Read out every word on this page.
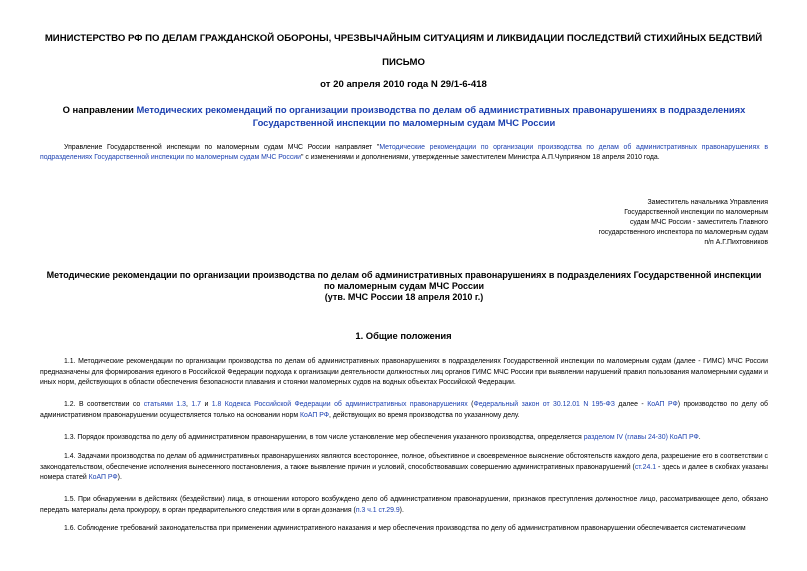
МИНИСТЕРСТВО РФ ПО ДЕЛАМ ГРАЖДАНСКОЙ ОБОРОНЫ, ЧРЕЗВЫЧАЙНЫМ СИТУАЦИЯМ И ЛИКВИДАЦИИ ПОСЛЕДСТВИЙ СТИХИЙНЫХ БЕДСТВИЙ
ПИСЬМО
от 20 апреля 2010 года N 29/1-6-418
О направлении Методических рекомендаций по организации производства по делам об административных правонарушениях в подразделениях Государственной инспекции по маломерным судам МЧС России
Управление Государственной инспекции по маломерным судам МЧС России направляет "Методические рекомендации по организации производства по делам об административных правонарушениях в подразделениях Государственной инспекции по маломерным судам МЧС России" с изменениями и дополнениями, утвержденные заместителем Министра А.П.Чуприяном 18 апреля 2010 года.
Заместитель начальника Управления
Государственной инспекции по маломерным
судам МЧС России - заместитель Главного
государственного инспектора по маломерным судам
п/п А.Г.Пихтовников
Методические рекомендации по организации производства по делам об административных правонарушениях в подразделениях Государственной инспекции по маломерным судам МЧС России
(утв. МЧС России 18 апреля 2010 г.)
1. Общие положения
1.1. Методические рекомендации по организации производства по делам об административных правонарушениях в подразделениях Государственной инспекции по маломерным судам (далее - ГИМС) МЧС России предназначены для формирования единого в Российской Федерации подхода к организации деятельности должностных лиц органов ГИМС МЧС России при выявлении нарушений правил пользования маломерными судами и иных норм, действующих в области обеспечения безопасности плавания и стоянки маломерных судов на водных объектах Российской Федерации.
1.2. В соответствии со статьями 1.3, 1.7 и 1.8 Кодекса Российской Федерации об административных правонарушениях (Федеральный закон от 30.12.01 N 195-ФЗ далее - КоАП РФ) производство по делу об административном правонарушении осуществляется только на основании норм КоАП РФ, действующих во время производства по указанному делу.
1.3. Порядок производства по делу об административном правонарушении, в том числе установление мер обеспечения указанного производства, определяется разделом IV (главы 24-30) КоАП РФ.
1.4. Задачами производства по делам об административных правонарушениях являются всестороннее, полное, объективное и своевременное выяснение обстоятельств каждого дела, разрешение его в соответствии с законодательством, обеспечение исполнения вынесенного постановления, а также выявление причин и условий, способствовавших совершению административных правонарушений (ст.24.1 - здесь и далее в скобках указаны номера статей КоАП РФ).
1.5. При обнаружении в действиях (бездействии) лица, в отношении которого возбуждено дело об административном правонарушении, признаков преступления должностное лицо, рассматривающее дело, обязано передать материалы дела прокурору, в орган предварительного следствия или в орган дознания (п.3 ч.1 ст.29.9).
1.6. Соблюдение требований законодательства при применении административного наказания и мер обеспечения производства по делу об административном правонарушении обеспечивается систематическим
